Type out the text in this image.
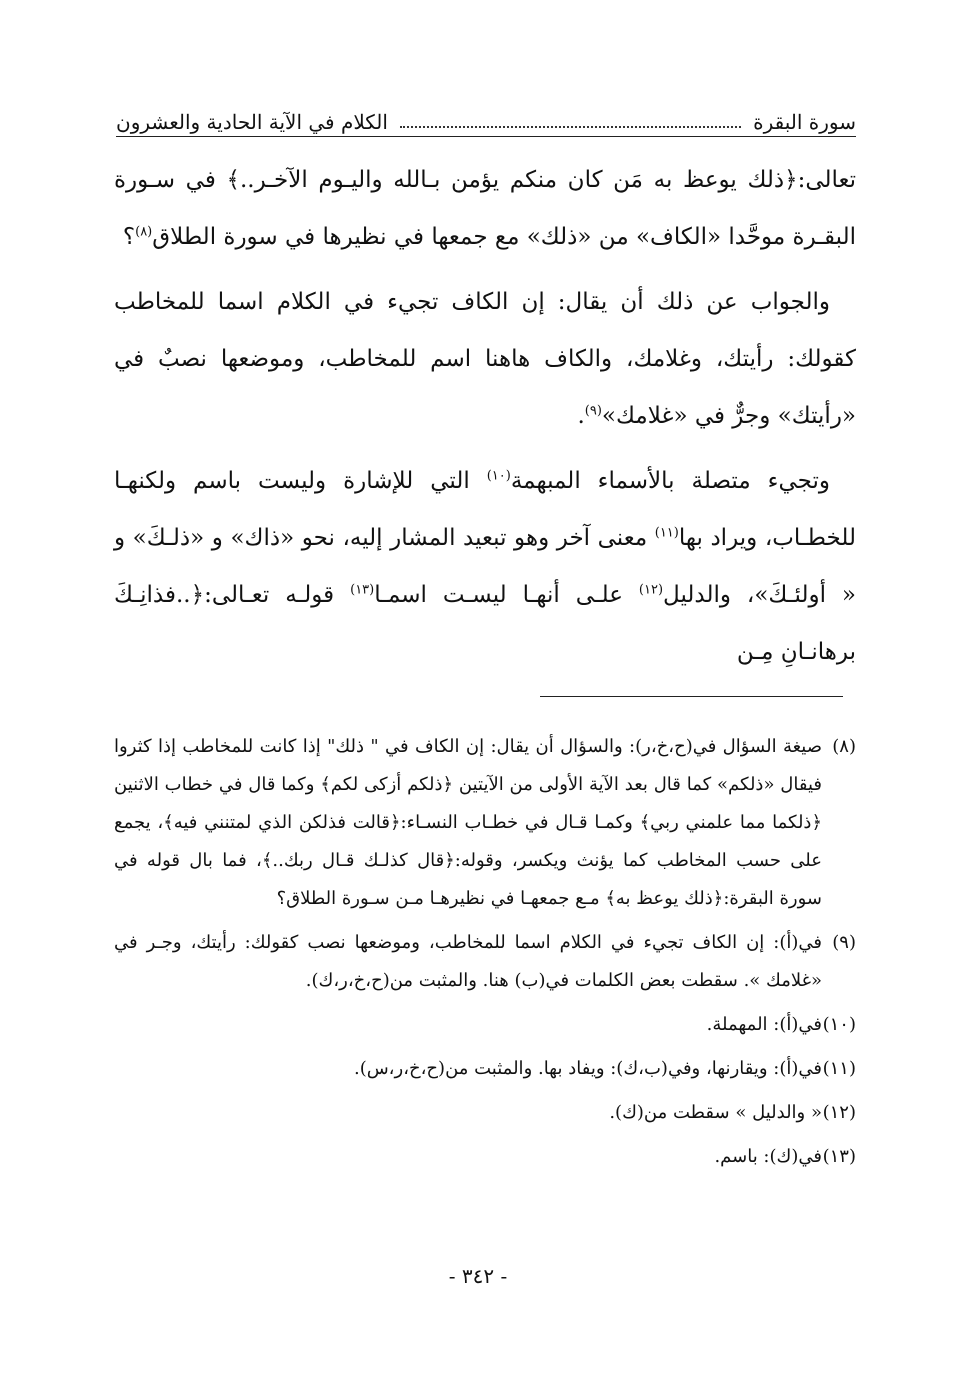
سورة البقرة
الكلام في الآية الحادية والعشرون

تعالى:﴿ذلك يوعظ به مَن كان منكم يؤمن بـالله واليـوم الآخـر..﴾ في سـورة البقـرة موحَّدا «الكاف» من «ذلك» مع جمعها في نظيرها في سورة الطلاق$^{(٨)}$؟

والجواب عن ذلك أن يقال: إن الكاف تجيء في الكلام اسما للمخاطب كقولك: رأيتك، وغلامك، والكاف هاهنا اسم للمخاطب، وموضعها نصبٌ في «رأيتك» وجرٌّ في «غلامك»$^{(٩)}$.

وتجيء متصلة بالأسماء المبهمة$^{(١٠)}$ التي للإشارة وليست باسم ولكنهـا للخطـاب، ويراد بها$^{(١١)}$ معنى آخر وهو تبعيد المشار إليه، نحو «ذاك» و «ذلـكَ» و « أولئـكَ»، والدليل$^{(١٢)}$ علـى أنهـا ليسـت اسمـا$^{(١٣)}$ قولـه تعـالى:﴿..فذانِـكَ برهانـانِ مِـن

(٨)صيغة السؤال في(ح،خ،ر): والسؤال أن يقال: إن الكاف في " ذلك" إذا كانت للمخاطب إذا كثروا فيقال «ذلكم» كما قال بعد الآية الأولى من الآيتين ﴿ذلكم أزكى لكم﴾ وكما قال في خطاب الاثنين ﴿ذلكما مما علمني ربي﴾ وكمـا قـال في خطـاب النسـاء:﴿قالت فذلكن الذي لمتنني فيه﴾، يجمع على حسب المخاطب كما يؤنث ويكسر، وقوله:﴿قال كذلـك قـال ربك..﴾، فما بال قوله في سورة البقرة:﴿ذلك يوعظ به﴾ مـع جمعهـا في نظيرهـا مـن سـورة الطلاق؟

(٩)في(أ): إن الكاف تجيء في الكلام اسما للمخاطب، وموضعها نصب كقولك: رأيتك، وجـر في «غلامك ». سقطت بعض الكلمات في(ب) هنا. والمثبت من(ح،خ،ر،ك).

(١٠)في(أ): المهملة.

(١١)في(أ): ويقارنها، وفي(ب،ك): ويفاد بها. والمثبت من(ح،خ،ر،س).

(١٢)« والدليل » سقطت من(ك).

(١٣)في(ك): باسم.

- ٣٤٢ -
